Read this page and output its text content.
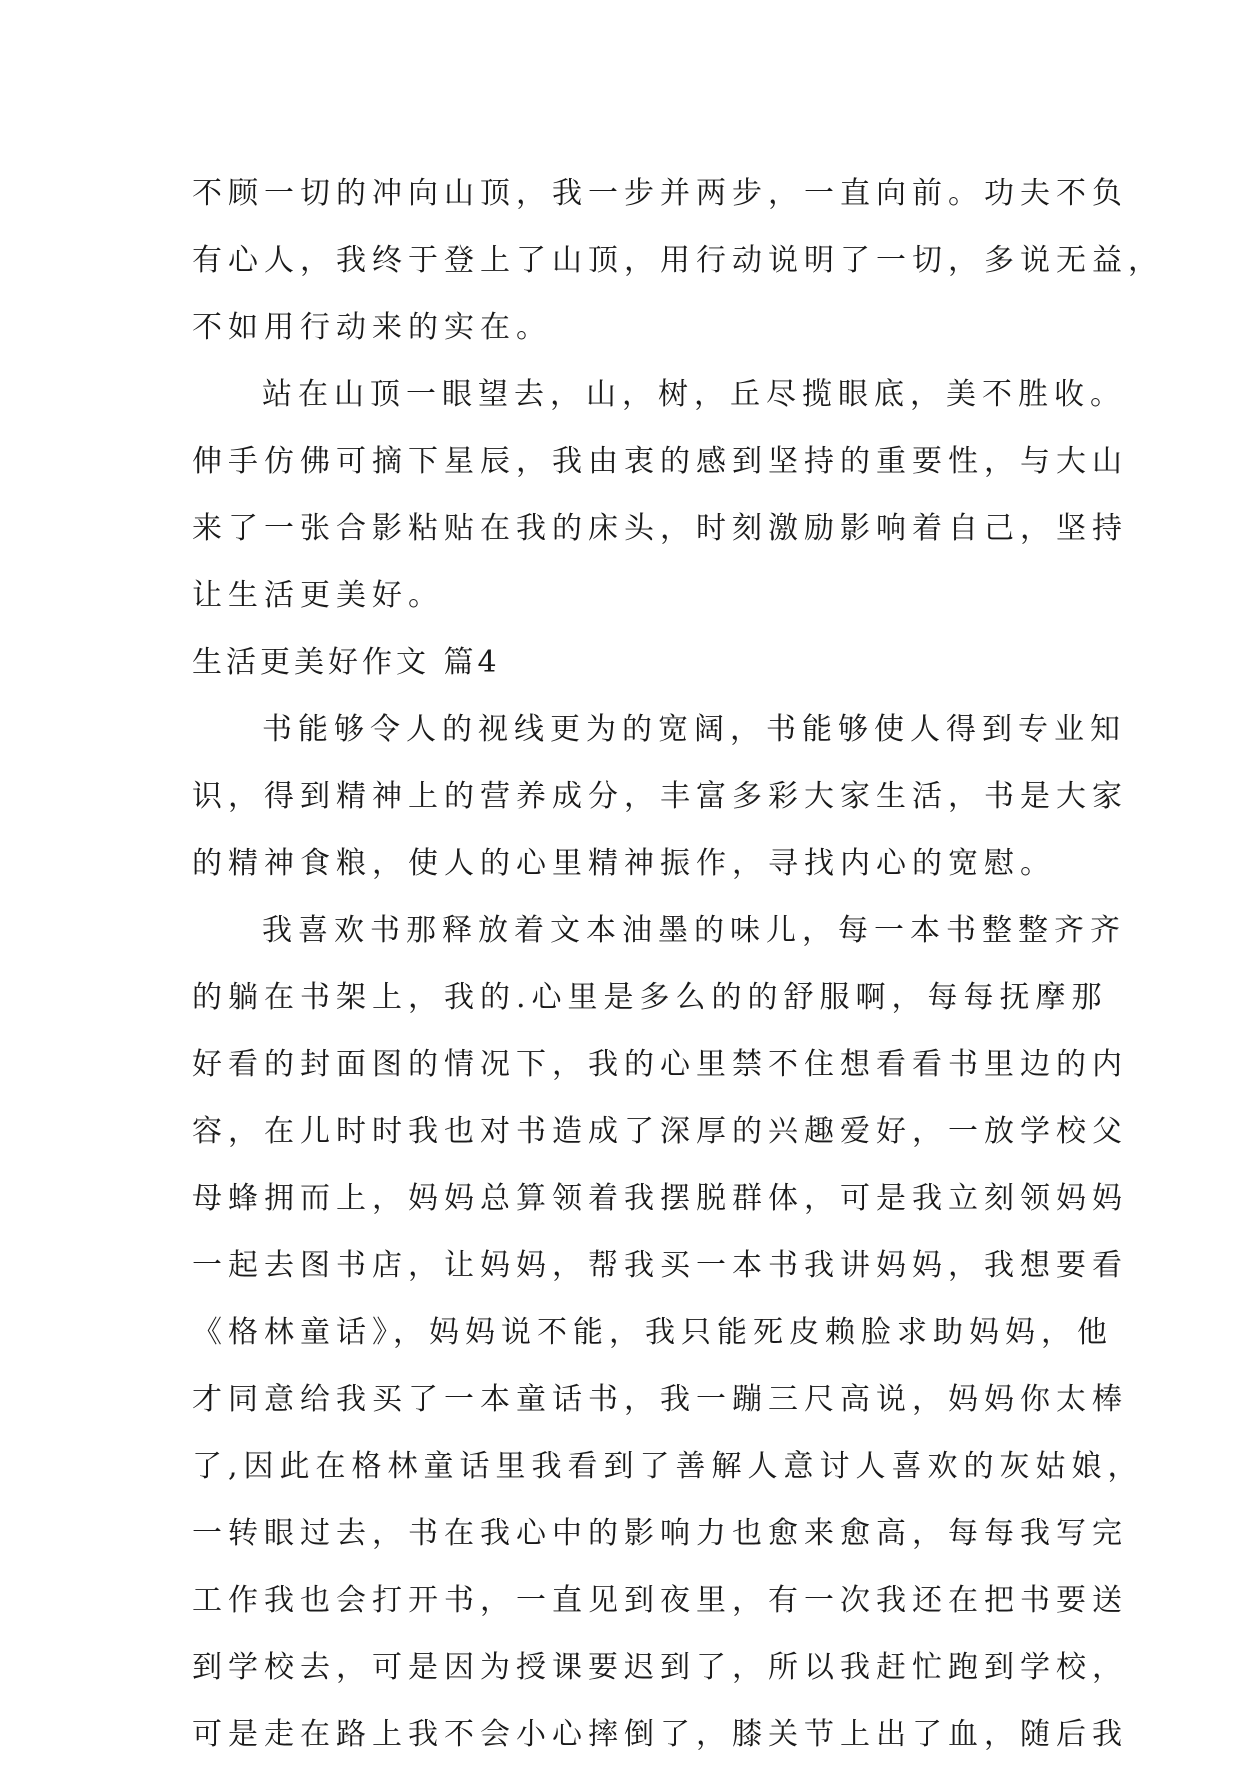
不顾一切的冲向山顶，我一步并两步，一直向前。功夫不负
有心人，我终于登上了山顶，用行动说明了一切，多说无益，
不如用行动来的实在。
站在山顶一眼望去，山，树，丘尽揽眼底，美不胜收。
伸手仿佛可摘下星辰，我由衷的感到坚持的重要性，与大山
来了一张合影粘贴在我的床头，时刻激励影响着自己，坚持
让生活更美好。
生活更美好作文 篇4
书能够令人的视线更为的宽阔，书能够使人得到专业知
识，得到精神上的营养成分，丰富多彩大家生活，书是大家
的精神食粮，使人的心里精神振作，寻找内心的宽慰。
我喜欢书那释放着文本油墨的味儿，每一本书整整齐齐
的躺在书架上，我的.心里是多么的的舒服啊，每每抚摩那
好看的封面图的情况下，我的心里禁不住想看看书里边的内
容，在儿时时我也对书造成了深厚的兴趣爱好，一放学校父
母蜂拥而上，妈妈总算领着我摆脱群体，可是我立刻领妈妈
一起去图书店，让妈妈，帮我买一本书我讲妈妈，我想要看
《格林童话》，妈妈说不能，我只能死皮赖脸求助妈妈，他
才同意给我买了一本童话书，我一蹦三尺高说，妈妈你太棒
了,因此在格林童话里我看到了善解人意讨人喜欢的灰姑娘，
一转眼过去，书在我心中的影响力也愈来愈高，每每我写完
工作我也会打开书，一直见到夜里，有一次我还在把书要送
到学校去，可是因为授课要迟到了，所以我赶忙跑到学校，
可是走在路上我不会小心摔倒了，膝关节上出了血，随后我
